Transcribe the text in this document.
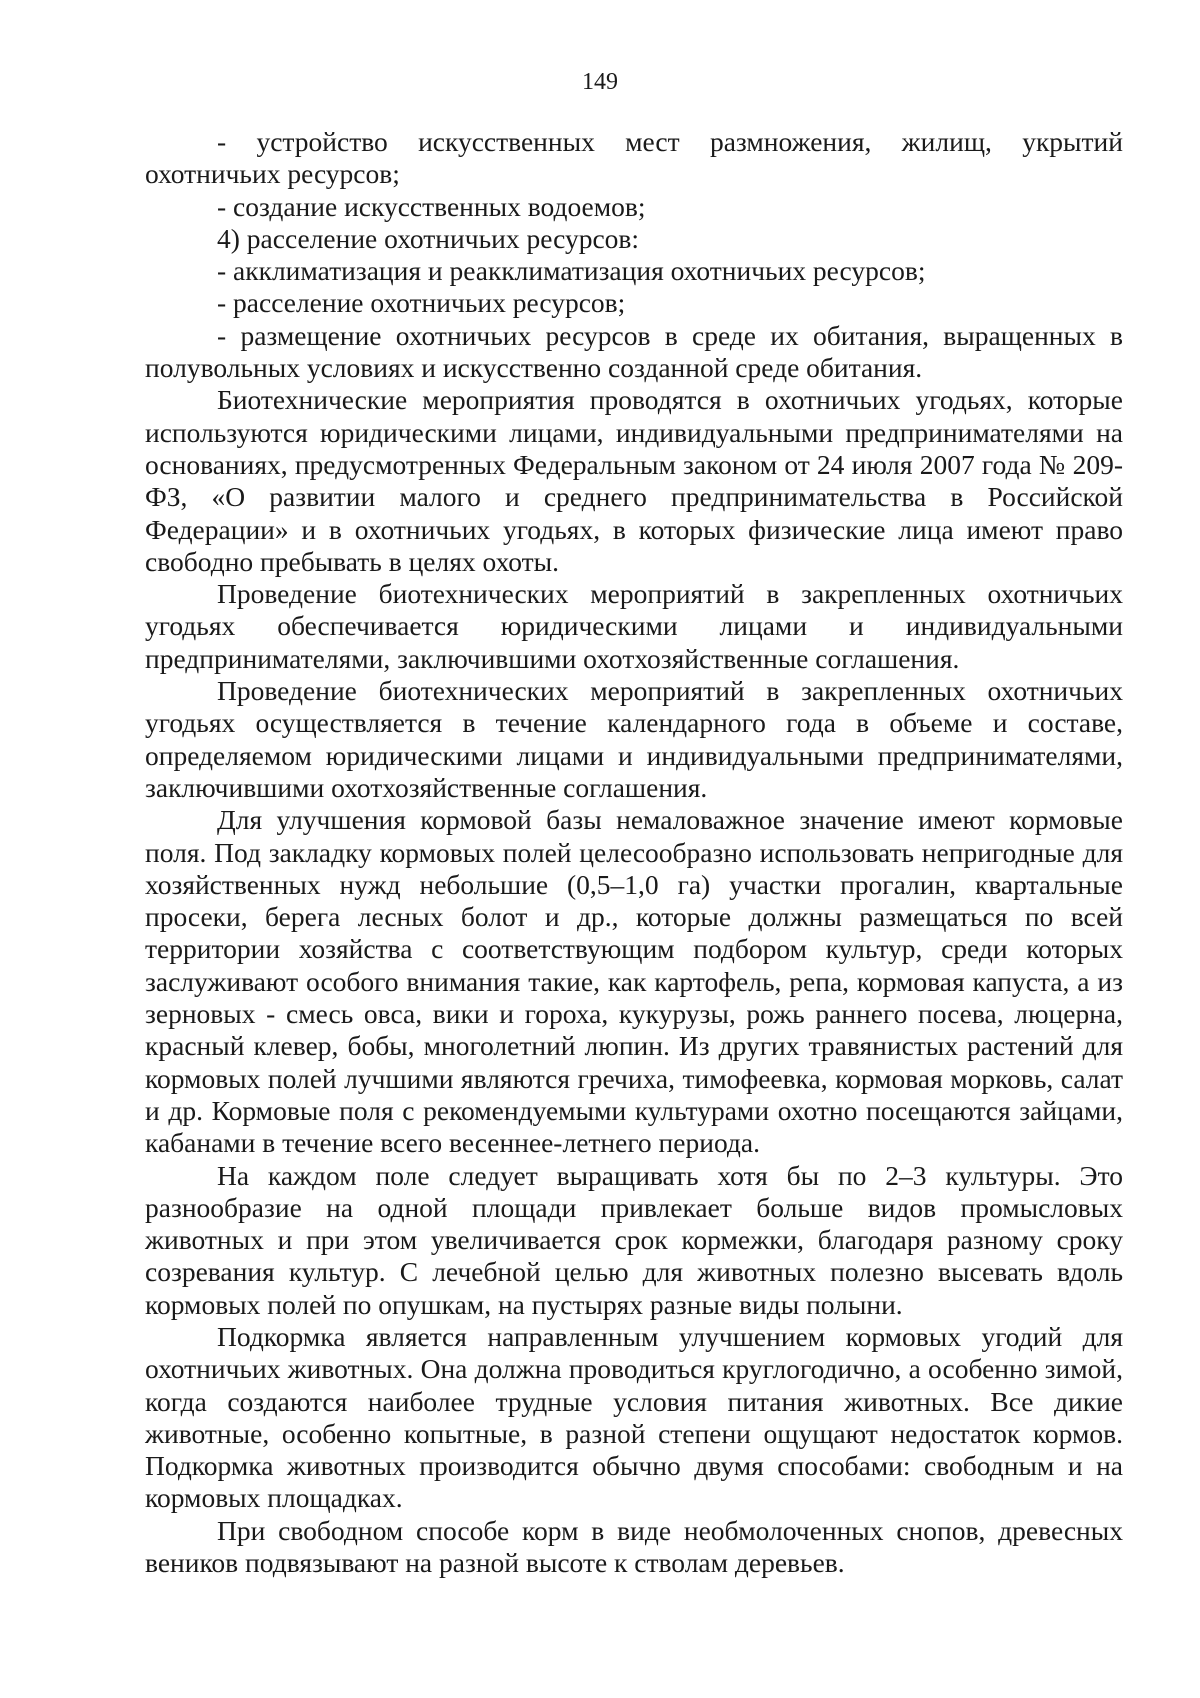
149

- устройство искусственных мест размножения, жилищ, укрытий охотничьих ресурсов;

- создание искусственных водоемов;

4) расселение охотничьих ресурсов:

- акклиматизация и реакклиматизация охотничьих ресурсов;

- расселение охотничьих ресурсов;

- размещение охотничьих ресурсов в среде их обитания, выращенных в полувольных условиях и искусственно созданной среде обитания.

Биотехнические мероприятия проводятся в охотничьих угодьях, которые используются юридическими лицами, индивидуальными предпринимателями на основаниях, предусмотренных Федеральным законом от 24 июля 2007 года № 209-ФЗ, «О развитии малого и среднего предпринимательства в Российской Федерации» и в охотничьих угодьях, в которых физические лица имеют право свободно пребывать в целях охоты.

Проведение биотехнических мероприятий в закрепленных охотничьих угодьях обеспечивается юридическими лицами и индивидуальными предпринимателями, заключившими охотхозяйственные соглашения.

Проведение биотехнических мероприятий в закрепленных охотничьих угодьях осуществляется в течение календарного года в объеме и составе, определяемом юридическими лицами и индивидуальными предпринимателями, заключившими охотхозяйственные соглашения.

Для улучшения кормовой базы немаловажное значение имеют кормовые поля. Под закладку кормовых полей целесообразно использовать непригодные для хозяйственных нужд небольшие (0,5–1,0 га) участки прогалин, квартальные просеки, берега лесных болот и др., которые должны размещаться по всей территории хозяйства с соответствующим подбором культур, среди которых заслуживают особого внимания такие, как картофель, репа, кормовая капуста, а из зерновых - смесь овса, вики и гороха, кукурузы, рожь раннего посева, люцерна, красный клевер, бобы, многолетний люпин. Из других травянистых растений для кормовых полей лучшими являются гречиха, тимофеевка, кормовая морковь, салат и др. Кормовые поля с рекомендуемыми культурами охотно посещаются зайцами, кабанами в течение всего весеннее-летнего периода.

На каждом поле следует выращивать хотя бы по 2–3 культуры. Это разнообразие на одной площади привлекает больше видов промысловых животных и при этом увеличивается срок кормежки, благодаря разному сроку созревания культур. С лечебной целью для животных полезно высевать вдоль кормовых полей по опушкам, на пустырях разные виды полыни.

Подкормка является направленным улучшением кормовых угодий для охотничьих животных. Она должна проводиться круглогодично, а особенно зимой, когда создаются наиболее трудные условия питания животных. Все дикие животные, особенно копытные, в разной степени ощущают недостаток кормов. Подкормка животных производится обычно двумя способами: свободным и на кормовых площадках.

При свободном способе корм в виде необмолоченных снопов, древесных веников подвязывают на разной высоте к стволам деревьев.
